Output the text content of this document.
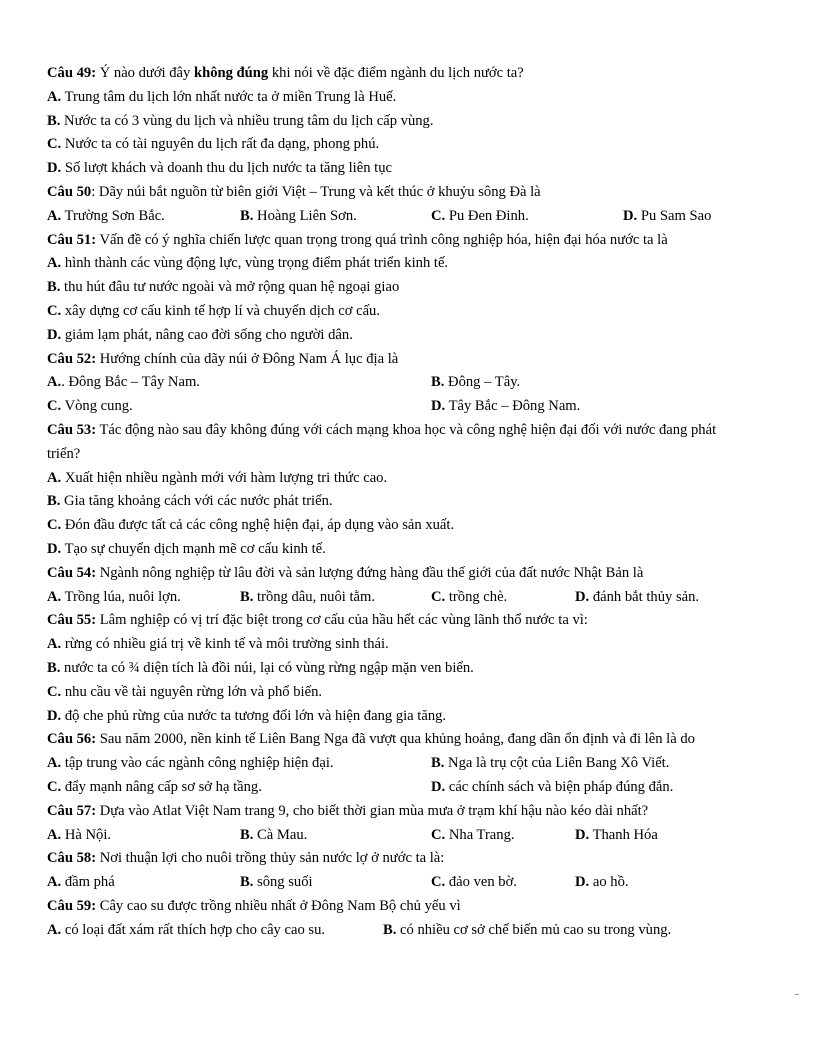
Câu 49: Ý nào dưới đây không đúng khi nói về đặc điểm ngành du lịch nước ta?
A. Trung tâm du lịch lớn nhất nước ta ở miền Trung là Huế.
B. Nước ta có 3 vùng du lịch và nhiều trung tâm du lịch cấp vùng.
C. Nước ta có tài nguyên du lịch rất đa dạng, phong phú.
D. Số lượt khách và doanh thu du lịch nước ta tăng liên tục
Câu 50: Dãy núi bắt nguồn từ biên giới Việt – Trung và kết thúc ở khuỷu sông Đà là
A. Trường Sơn Bắc.	B. Hoàng Liên Sơn.	C. Pu Đen Đinh.	D. Pu Sam Sao
Câu 51: Vấn đề có ý nghĩa chiến lược quan trọng trong quá trình công nghiệp hóa, hiện đại hóa nước ta là
A. hình thành các vùng động lực, vùng trọng điểm phát triển kinh tế.
B. thu hút đâu tư nước ngoài và mở rộng quan hệ ngoại giao
C. xây dựng cơ cấu kinh tế hợp lí và chuyển dịch cơ cấu.
D. giảm lạm phát, nâng cao đời sống cho người dân.
Câu 52: Hướng chính của dãy núi ở Đông Nam Á lục địa là
A.. Đông Bắc – Tây Nam.	B. Đông – Tây.
C. Vòng cung.	D. Tây Bắc – Đông Nam.
Câu 53: Tác động nào sau đây không đúng với cách mạng khoa học và công nghệ hiện đại đối với nước đang phát triển?
A. Xuất hiện nhiều ngành mới với hàm lượng tri thức cao.
B. Gia tăng khoảng cách với các nước phát triển.
C. Đón đầu được tất cả các công nghệ hiện đại, áp dụng vào sản xuất.
D. Tạo sự chuyển dịch mạnh mẽ cơ cấu kinh tế.
Câu 54: Ngành nông nghiệp từ lâu đời và sản lượng đứng hàng đầu thế giới của đất nước Nhật Bản là
A. Trồng lúa, nuôi lợn.	B. trồng dâu, nuôi tằm.	C. trồng chè.	D. đánh bắt thủy sản.
Câu 55: Lâm nghiệp có vị trí đặc biệt trong cơ cấu của hầu hết các vùng lãnh thổ nước ta vì:
A. rừng có nhiều giá trị về kinh tế và môi trường sinh thái.
B. nước ta có ¾ diện tích là đồi núi, lại có vùng rừng ngập mặn ven biển.
C. nhu cầu về tài nguyên rừng lớn và phổ biến.
D. độ che phủ rừng của nước ta tương đối lớn và hiện đang gia tăng.
Câu 56: Sau năm 2000, nền kinh tế Liên Bang Nga đã vượt qua khủng hoảng, đang dần ổn định và đi lên là do
A. tập trung vào các ngành công nghiệp hiện đại.	B. Nga là trụ cột của Liên Bang Xô Viết.
C. đẩy mạnh nâng cấp sơ sở hạ tầng.	D. các chính sách và biện pháp đúng đắn.
Câu 57: Dựa vào Atlat Việt Nam trang 9, cho biết thời gian mùa mưa ở trạm khí hậu nào kéo dài nhất?
A. Hà Nội.	B. Cà Mau.	C. Nha Trang.	D. Thanh Hóa
Câu 58: Nơi thuận lợi cho nuôi trồng thủy sản nước lợ ở nước ta là:
A. đầm phá	B. sông suối	C. đảo ven bờ.	D. ao hồ.
Câu 59: Cây cao su được trồng nhiều nhất ở Đông Nam Bộ chủ yếu vì
A. có loại đất xám rất thích hợp cho cây cao su.	B. có nhiều cơ sở chế biến mủ cao su trong vùng.
